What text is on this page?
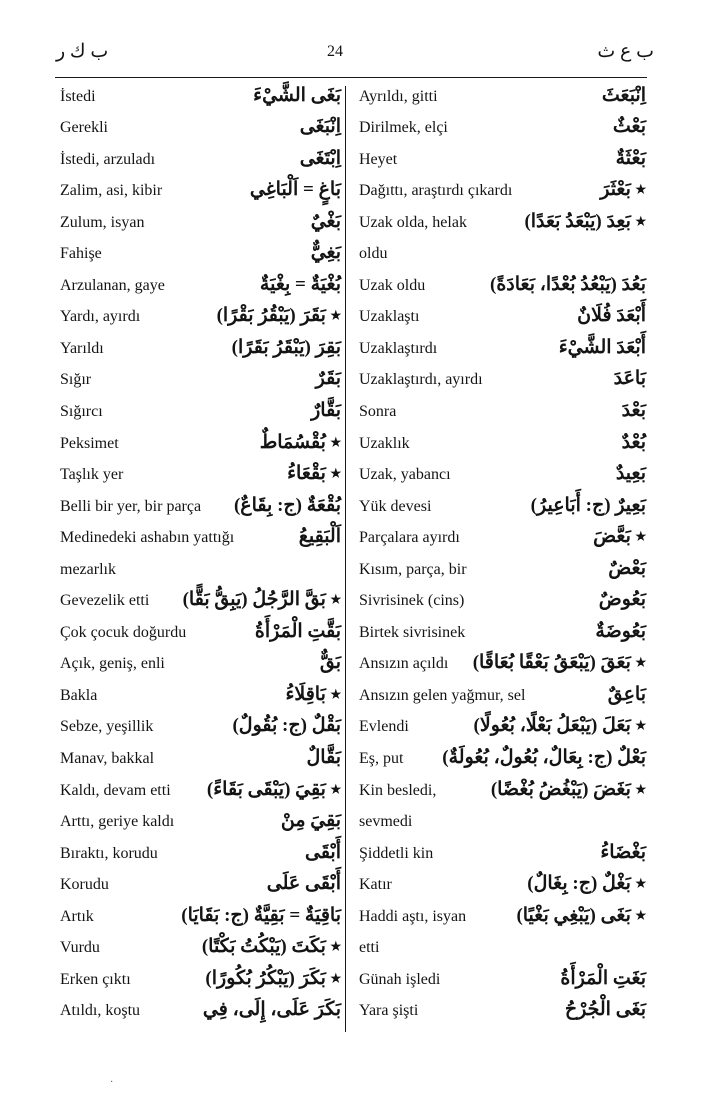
ب ك ر	24	ب ع ث
İstedi	بَغَى الشَّيْءَ
Gerekli	اِنْبَغَى
İstedi, arzuladı	اِبْتَغَى
Zalim, asi, kibir	بَاغٍ = اَلْبَاغِي
Zulum, isyan	بَغْيٌ
Fahişe	بَغِيٌّ
Arzulanan, gaye	بُغْيَةٌ = بِغْيَةٌ
Yardı, ayırdı	٭ بَقَرَ (يَبْقُرُ بَقْرًا)
Yarıldı	بَقِرَ (يَبْقَرُ بَقَرًا)
Sığır	بَقَرٌ
Sığırcı	بَقَّارٌ
Peksimet	٭ بُقْسُمَاطٌ
Taşlık yer	٭ بَقْعَاءُ
Belli bir yer, bir parça بُقْعَةٌ (ج: بِقَاعٌ)
Medinedeki ashabın yattığı	اَلْبَقِيعُ
mezarlık
Gevezelik etti ٭ بَقَّ الرَّجُلُ (يَبِقُّ بَقًّا)
Çok çocuk doğurdu	بَقَّتِ الْمَرْأَةُ
Açık, geniş, enli	بَقٌّ
Bakla	٭ بَاقِلَاءُ
Sebze, yeşillik	بَقْلٌ (ج: بُقُولٌ)
Manav, bakkal	بَقَّالٌ
Kaldı, devam etti ٭ بَقِيَ (يَبْقَى بَقَاءً)
Arttı, geriye kaldı	بَقِيَ مِنْ
Bıraktı, korudu	أَبْقَى
Korudu	أَبْقَى عَلَى
Artık	بَاقِيَةٌ = بَقِيَّةٌ (ج: بَقَايَا)
Vurdu	٭ بَكَتَ (يَبْكُتُ بَكْتًا)
Erken çıktı	٭ بَكَرَ (يَبْكُرُ بُكُورًا)
Atıldı, koştu	بَكَرَ عَلَى، إِلَى، فِي
Ayrıldı, gitti	اِنْبَعَثَ
Dirilmek, elçi	بَعْثٌ
Heyet	بَعْثَةٌ
Dağıttı, araştırdı çıkardı	٭ بَعْثَرَ
Uzak olda, helak	٭ بَعِدَ (يَبْعَدُ بَعَدًا)
oldu
Uzak oldu	بَعُدَ (يَبْعُدُ بُعْدًا، بَعَادَةً)
Uzaklaştı	أَبْعَدَ فُلَانٌ
Uzaklaştırdı	أَبْعَدَ الشَّيْءَ
Uzaklaştırdı, ayırdı	بَاعَدَ
Sonra	بَعْدَ
Uzaklık	بُعْدٌ
Uzak, yabancı	بَعِيدٌ
Yük devesi	بَعِيرٌ (ج: أَبَاعِيرُ)
Parçalara ayırdı	٭ بَعَّضَ
Kısım, parça, bir	بَعْضٌ
Sivrisinek (cins)	بَعُوضٌ
Birtek sivrisinek	بَعُوضَةٌ
Ansızın açıldı ٭ بَعَقَ (يَبْعَقُ بَعْقًا بُعَاقًا)
Ansızın gelen yağmur, sel	بَاعِقٌ
Evlendi	٭ بَعَلَ (يَبْعَلُ بَعْلًا، بُعُولًا)
Eş, put بَعْلٌ (ج: بِعَالٌ، بُعُولٌ، بُعُولَةٌ)
Kin besledi,	٭ بَغَضَ (يَبْغُضُ بُغْضًا)
sevmedi
Şiddetli kin	بَغْضَاءُ
Katır	٭ بَغْلٌ (ج: بِغَالٌ)
Haddi aştı, isyan	٭ بَغَى (يَبْغِي بَغْيًا)
etti
Günah işledi	بَغَتِ الْمَرْأَةُ
Yara şişti	بَغَى الْجُرْحُ
·
